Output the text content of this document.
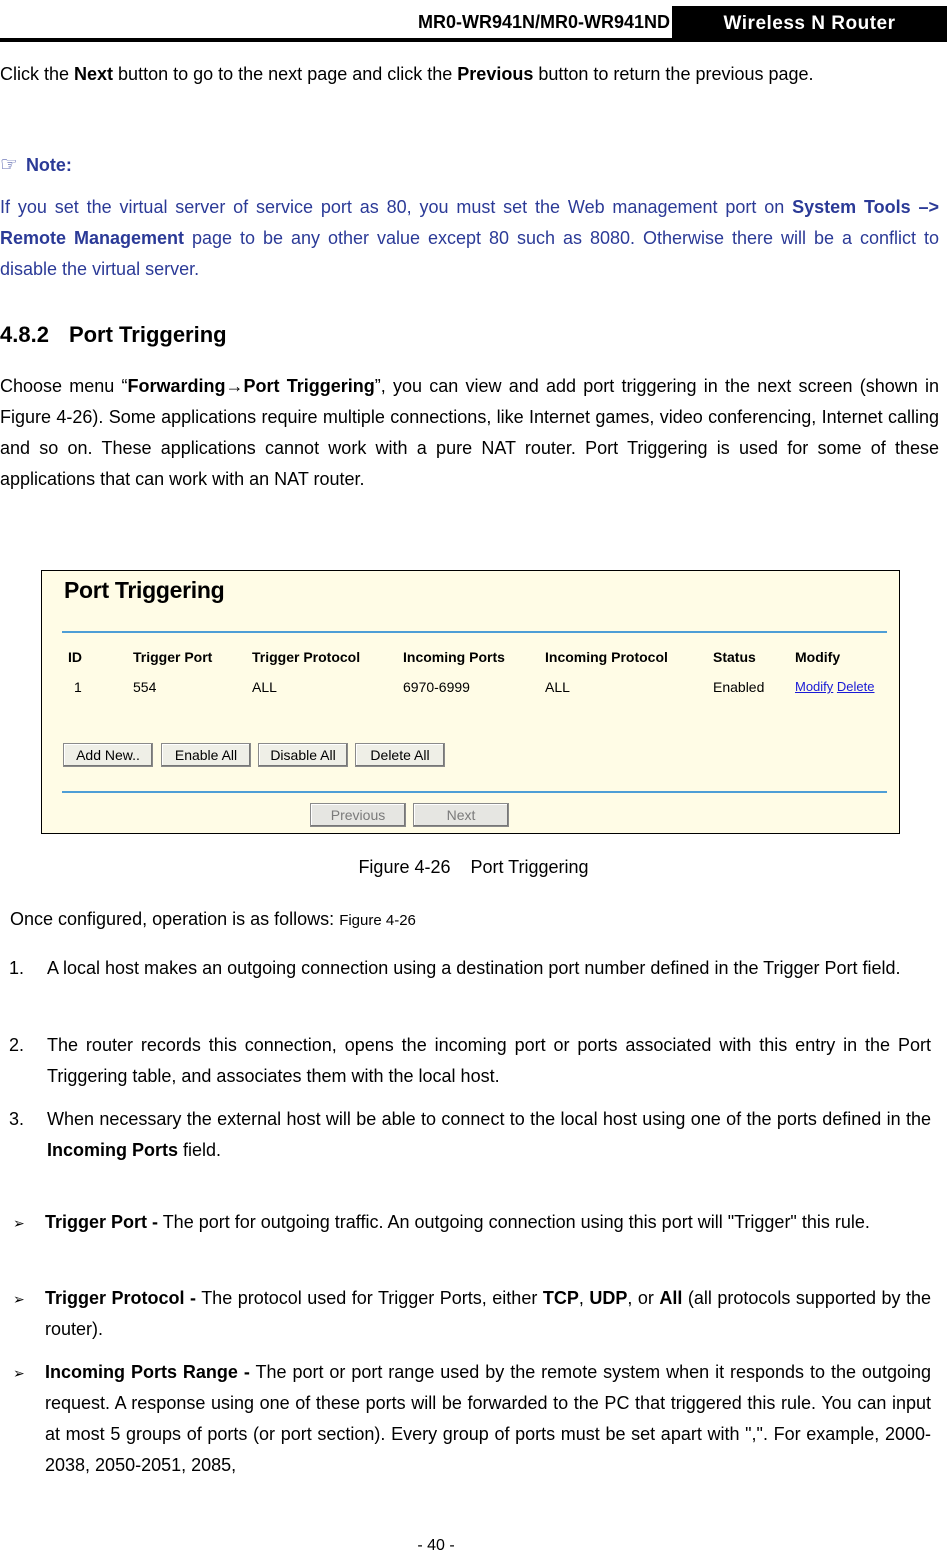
MR0-WR941N/MR0-WR941ND	Wireless N Router
Click the Next button to go to the next page and click the Previous button to return the previous page.
☞ Note:
If you set the virtual server of service port as 80, you must set the Web management port on System Tools –> Remote Management page to be any other value except 80 such as 8080. Otherwise there will be a conflict to disable the virtual server.
4.8.2 Port Triggering
Choose menu “Forwarding→Port Triggering”, you can view and add port triggering in the next screen (shown in Figure 4-26). Some applications require multiple connections, like Internet games, video conferencing, Internet calling and so on. These applications cannot work with a pure NAT router. Port Triggering is used for some of these applications that can work with an NAT router.
Port Triggering
ID	Trigger Port	Trigger Protocol	Incoming Ports	Incoming Protocol	Status	Modify
1	554	ALL	6970-6999	ALL	Enabled Modify Delete
Add New..	Enable All	Disable All	Delete All
Previous	Next
Figure 4-26    Port Triggering
Once configured, operation is as follows: Figure 4-26
1. A local host makes an outgoing connection using a destination port number defined in the Trigger Port field.
2. The router records this connection, opens the incoming port or ports associated with this entry in the Port Triggering table, and associates them with the local host.
3. When necessary the external host will be able to connect to the local host using one of the ports defined in the Incoming Ports field.
➢ Trigger Port - The port for outgoing traffic. An outgoing connection using this port will "Trigger" this rule.
➢ Trigger Protocol - The protocol used for Trigger Ports, either TCP, UDP, or All (all protocols supported by the router).
➢ Incoming Ports Range - The port or port range used by the remote system when it responds to the outgoing request. A response using one of these ports will be forwarded to the PC that triggered this rule. You can input at most 5 groups of ports (or port section). Every group of ports must be set apart with ",". For example, 2000-2038, 2050-2051, 2085,
- 40 -
